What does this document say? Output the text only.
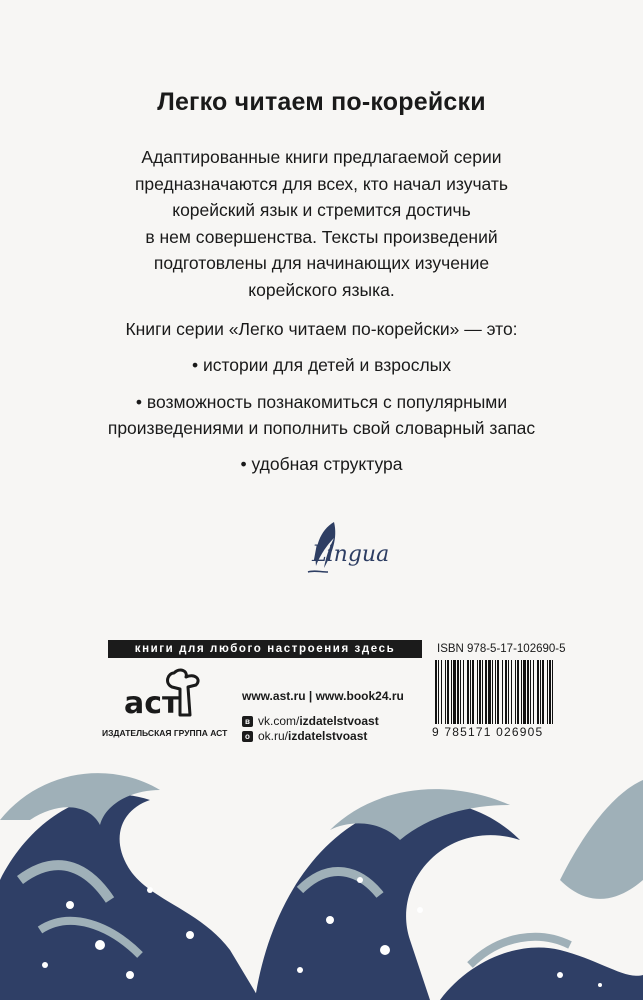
Легко читаем по-корейски
Адаптированные книги предлагаемой серии
предназначаются для всех, кто начал изучать
корейский язык и стремится достичь
в нем совершенства. Тексты произведений
подготовлены для начинающих изучение
корейского языка.
Книги серии «Легко читаем по-корейски» — это:
• истории для детей и взрослых
• возможность познакомиться с популярными
произведениями и пополнить свой словарный запас
• удобная структура
Lingua
книги для любого настроения здесь	ISBN 978-5-17-102690-5
аст
ИЗДАТЕЛЬСКАЯ ГРУППА АСТ
www.ast.ru | www.book24.ru
в vk.com/ izdatelstvoast
о ok.ru/ izdatelstvoast	9 785171 026905
